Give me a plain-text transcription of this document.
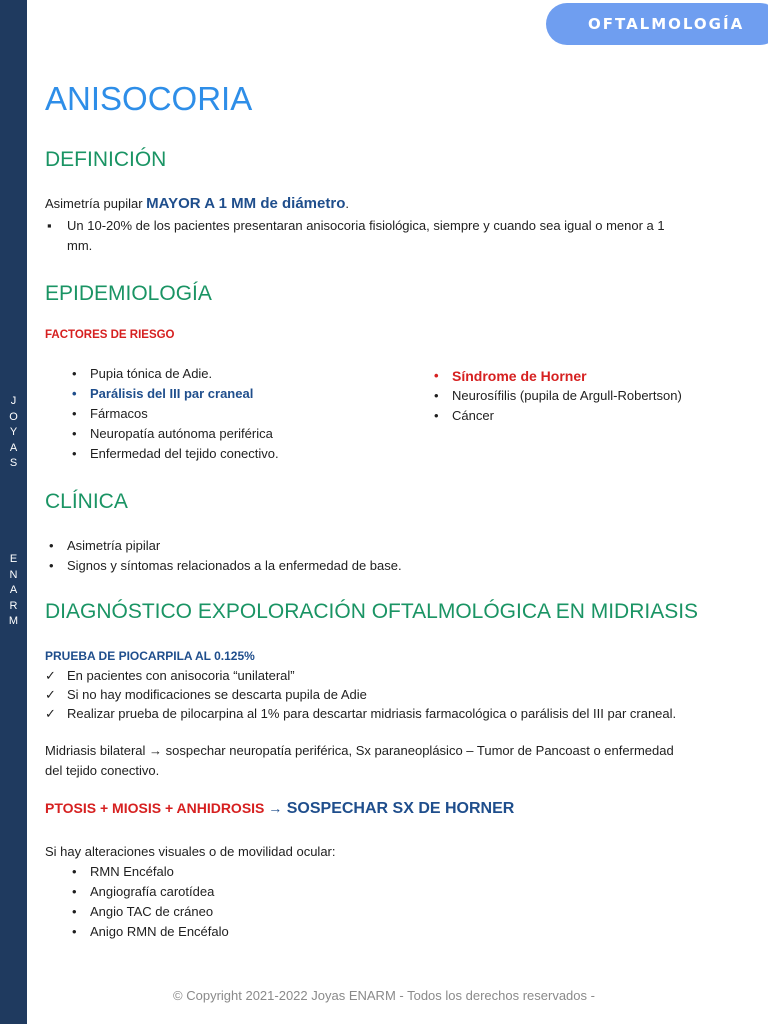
J
O
Y
A
S
E
N
A
R
M
OFTALMOLOGÍA
ANISOCORIA
DEFINICIÓN
Asimetría pupilar MAYOR A 1 MM de diámetro.
▪ Un 10-20% de los pacientes presentaran anisocoria fisiológica, siempre y cuando sea igual o menor a 1
mm.
EPIDEMIOLOGÍA
FACTORES DE RIESGO
• Pupia tónica de Adie.
• Parálisis del III par craneal
• Fármacos
• Neuropatía autónoma periférica
• Enfermedad del tejido conectivo.
• Síndrome de Horner
• Neurosífilis (pupila de Argull-Robertson)
• Cáncer
CLÍNICA
• Asimetría pipilar
• Signos y síntomas relacionados a la enfermedad de base.
DIAGNÓSTICO EXPOLORACIÓN OFTALMOLÓGICA EN MIDRIASIS
PRUEBA DE PIOCARPILA AL 0.125%
✓ En pacientes con anisocoria “unilateral”
✓ Si no hay modificaciones se descarta pupila de Adie
✓ Realizar prueba de pilocarpina al 1% para descartar midriasis farmacológica o parálisis del III par craneal.
Midriasis bilateral → sospechar neuropatía periférica, Sx paraneoplásico – Tumor de Pancoast o enfermedad
del tejido conectivo.
PTOSIS + MIOSIS + ANHIDROSIS → SOSPECHAR SX DE HORNER
Si hay alteraciones visuales o de movilidad ocular:
• RMN Encéfalo
• Angiografía carotídea
• Angio TAC de cráneo
• Anigo RMN de Encéfalo
© Copyright 2021-2022 Joyas ENARM - Todos los derechos reservados -
